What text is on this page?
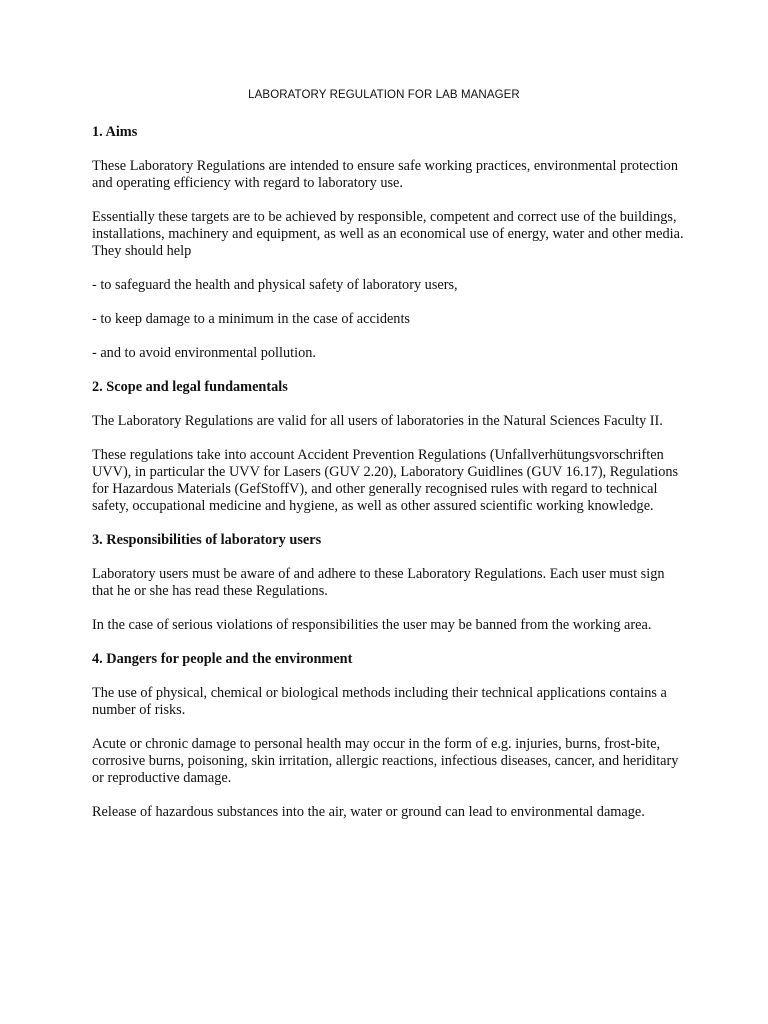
LABORATORY REGULATION FOR LAB MANAGER
1. Aims

These Laboratory Regulations are intended to ensure safe working practices, environmental protection and operating efficiency with regard to laboratory use.

Essentially these targets are to be achieved by responsible, competent and correct use of the buildings, installations, machinery and equipment, as well as an economical use of energy, water and other media. They should help

- to safeguard the health and physical safety of laboratory users,

- to keep damage to a minimum in the case of accidents

- and to avoid environmental pollution.

2. Scope and legal fundamentals

The Laboratory Regulations are valid for all users of laboratories in the Natural Sciences Faculty II.

These regulations take into account Accident Prevention Regulations (Unfallverhütungsvorschriften UVV), in particular the UVV for Lasers (GUV 2.20), Laboratory Guidlines (GUV 16.17), Regulations for Hazardous Materials (GefStoffV), and other generally recognised rules with regard to technical safety, occupational medicine and hygiene, as well as other assured scientific working knowledge.

3. Responsibilities of laboratory users

Laboratory users must be aware of and adhere to these Laboratory Regulations. Each user must sign that he or she has read these Regulations.

In the case of serious violations of responsibilities the user may be banned from the working area.

4. Dangers for people and the environment

The use of physical, chemical or biological methods including their technical applications contains a number of risks.

Acute or chronic damage to personal health may occur in the form of e.g. injuries, burns, frost-bite, corrosive burns, poisoning, skin irritation, allergic reactions, infectious diseases, cancer, and heriditary or reproductive damage.

Release of hazardous substances into the air, water or ground can lead to environmental damage.
